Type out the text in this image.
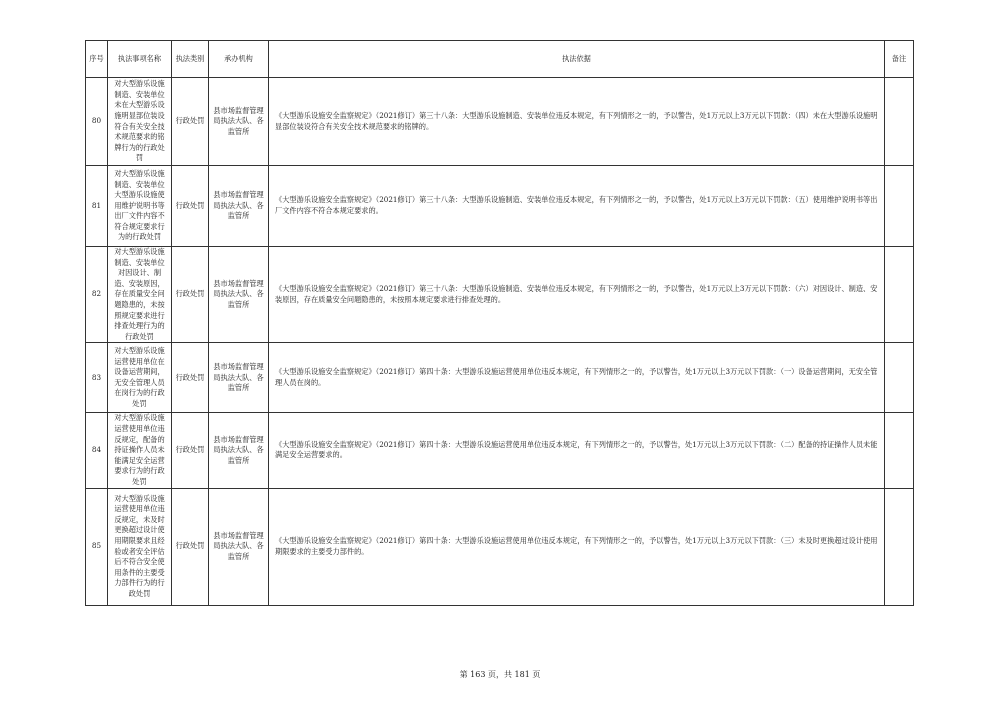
序号	执法事项名称	执法类别	承办机构	执法依据	备注
80	对大型游乐设施制造、安装单位未在大型游乐设施明显部位装设符合有关安全技术规范要求的铭牌行为的行政处罚	行政处罚	县市场监督管理局执法大队、各监管所	《大型游乐设施安全监察规定》（2021修订）第三十八条：大型游乐设施制造、安装单位违反本规定，有下列情形之一的，予以警告，处1万元以上3万元以下罚款：（四）未在大型游乐设施明显部位装设符合有关安全技术规范要求的铭牌的。	
81	对大型游乐设施制造、安装单位大型游乐设施使用维护说明书等出厂文件内容不符合规定要求行为的行政处罚	行政处罚	县市场监督管理局执法大队、各监管所	《大型游乐设施安全监察规定》（2021修订）第三十八条：大型游乐设施制造、安装单位违反本规定，有下列情形之一的，予以警告，处1万元以上3万元以下罚款：（五）使用维护说明书等出厂文件内容不符合本规定要求的。	
82	对大型游乐设施制造、安装单位对因设计、制造、安装原因，存在质量安全问题隐患的，未按照规定要求进行排查处理行为的行政处罚	行政处罚	县市场监督管理局执法大队、各监管所	《大型游乐设施安全监察规定》（2021修订）第三十八条：大型游乐设施制造、安装单位违反本规定，有下列情形之一的，予以警告，处1万元以上3万元以下罚款：（六）对因设计、制造、安装原因，存在质量安全问题隐患的，未按照本规定要求进行排查处理的。	
83	对大型游乐设施运营使用单位在设备运营期间，无安全管理人员在岗行为的行政处罚	行政处罚	县市场监督管理局执法大队、各监管所	《大型游乐设施安全监察规定》（2021修订）第四十条：大型游乐设施运营使用单位违反本规定，有下列情形之一的，予以警告，处1万元以上3万元以下罚款：（一）设备运营期间，无安全管理人员在岗的。	
84	对大型游乐设施运营使用单位违反规定，配备的持证操作人员未能满足安全运营要求行为的行政处罚	行政处罚	县市场监督管理局执法大队、各监管所	《大型游乐设施安全监察规定》（2021修订）第四十条：大型游乐设施运营使用单位违反本规定，有下列情形之一的，予以警告，处1万元以上3万元以下罚款：（二）配备的持证操作人员未能满足安全运营要求的。	
85	对大型游乐设施运营使用单位违反规定，未及时更换超过设计使用期限要求且经验或者安全评估后不符合安全使用条件的主要受力部件行为的行政处罚	行政处罚	县市场监督管理局执法大队、各监管所	《大型游乐设施安全监察规定》（2021修订）第四十条：大型游乐设施运营使用单位违反本规定，有下列情形之一的，予以警告，处1万元以上3万元以下罚款：（三）未及时更换超过设计使用期限要求的主要受力部件的。	
第 163 页，共 181 页
